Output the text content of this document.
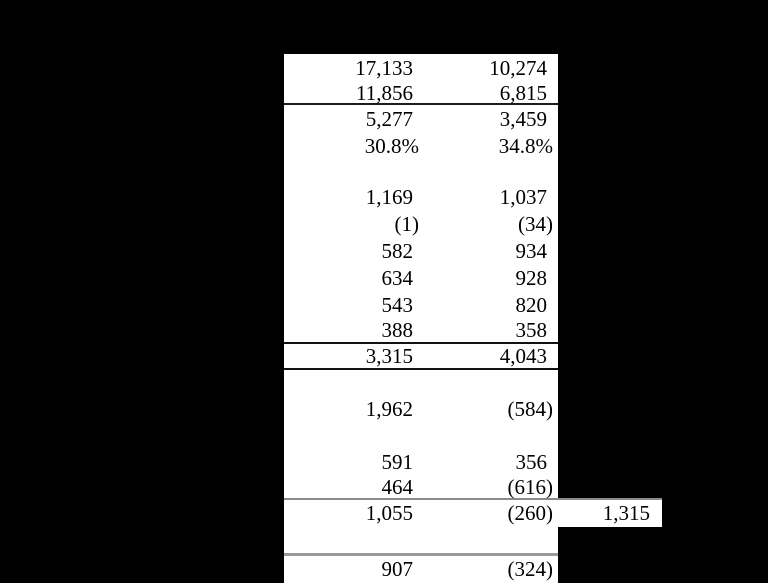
17,133	10,274
11,856	6,815
5,277	3,459
30.8%	34.8%
1,169	1,037
(1)	(34)
582	934
634	928
543	820
388	358
3,315	4,043
1,962	(584)
591	356
464	(616)
1,055	(260)	1,315
907	(324)
